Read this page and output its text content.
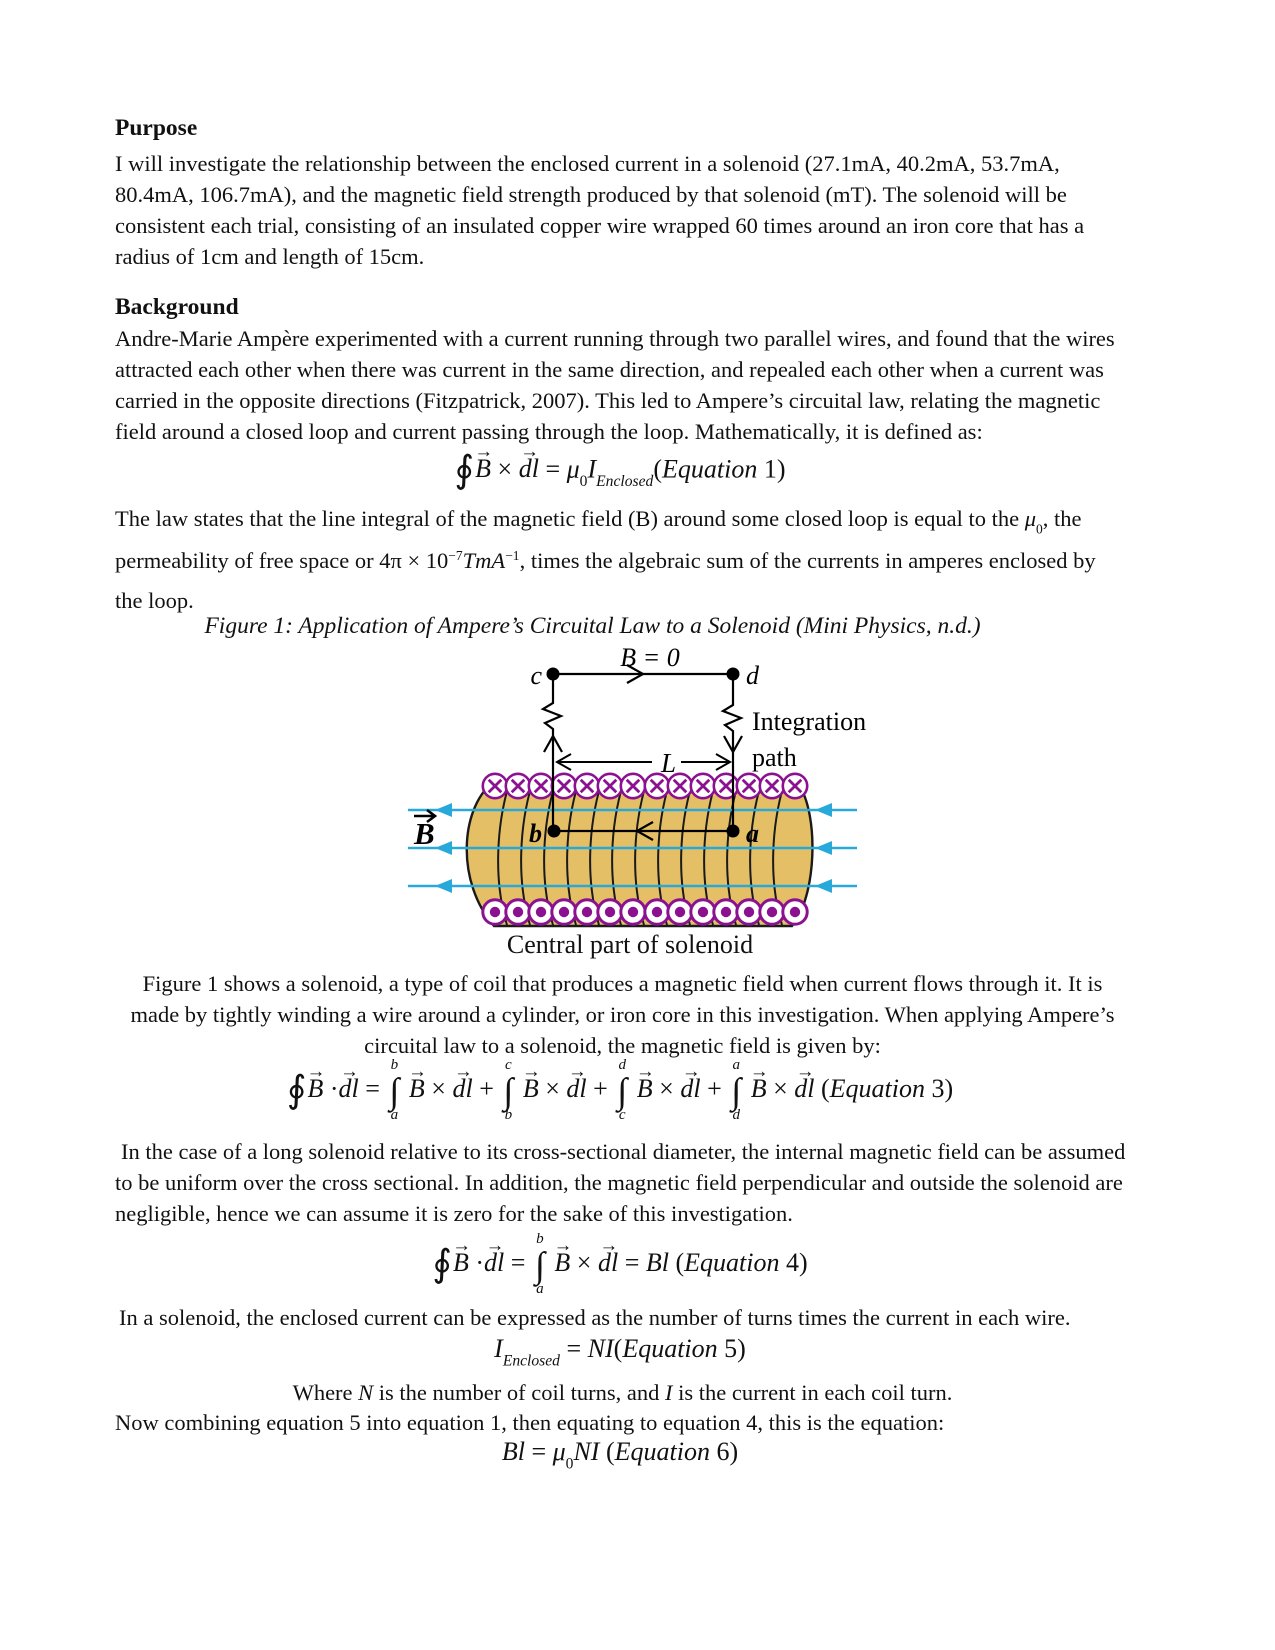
Purpose
I will investigate the relationship between the enclosed current in a solenoid (27.1mA, 40.2mA, 53.7mA,
80.4mA, 106.7mA), and the magnetic field strength produced by that solenoid (mT). The solenoid will be
consistent each trial, consisting of an insulated copper wire wrapped 60 times around an iron core that has a
radius of 1cm and length of 15cm.
Background
Andre-Marie Ampère experimented with a current running through two parallel wires, and found that the wires
attracted each other when there was current in the same direction, and repealed each other when a current was
carried in the opposite directions (Fitzpatrick, 2007). This led to Ampere’s circuital law, relating the magnetic
field around a closed loop and current passing through the loop. Mathematically, it is defined as:
∮→ B × → dl = $\mu_0I_{Enclosed}(Equation$ 1)
The law states that the line integral of the magnetic field (B) around some closed loop is equal to the $\mu_0$, the
permeability of free space or $4\pi \times 10^{-7}TmA^{-1}$, times the algebraic sum of the currents in amperes enclosed by
the loop.
Figure 1: Application of Ampere’s Circuital Law to a Solenoid (Mini Physics, n.d.)
B = 0
c	d
Integration
path
L
b	a
B
Central part of solenoid
Figure 1 shows a solenoid, a type of coil that produces a magnetic field when current flows through it. It is
made by tightly winding a wire around a cylinder, or iron core in this investigation. When applying Ampere’s
circuital law to a solenoid, the magnetic field is given by:
∮→ B ·→ dl =
b
∫
a
→ B × → dl +
c
∫
b
→ B × → dl +
d
∫
c
→ B × → dl +
a
∫
d
→ B × → dl (Equation 3)
In the case of a long solenoid relative to its cross-sectional diameter, the internal magnetic field can be assumed
to be uniform over the cross sectional. In addition, the magnetic field perpendicular and outside the solenoid are
negligible, hence we can assume it is zero for the sake of this investigation.
∮→ B ·→ dl =
b
∫
a
→ B × → dl = Bl (Equation 4)
In a solenoid, the enclosed current can be expressed as the number of turns times the current in each wire.
$I_{Enclosed}$ = NI(Equation 5)
Where N is the number of coil turns, and I is the current in each coil turn.
Now combining equation 5 into equation 1, then equating to equation 4, this is the equation:
$Bl = \mu_0NI$ (Equation 6)
